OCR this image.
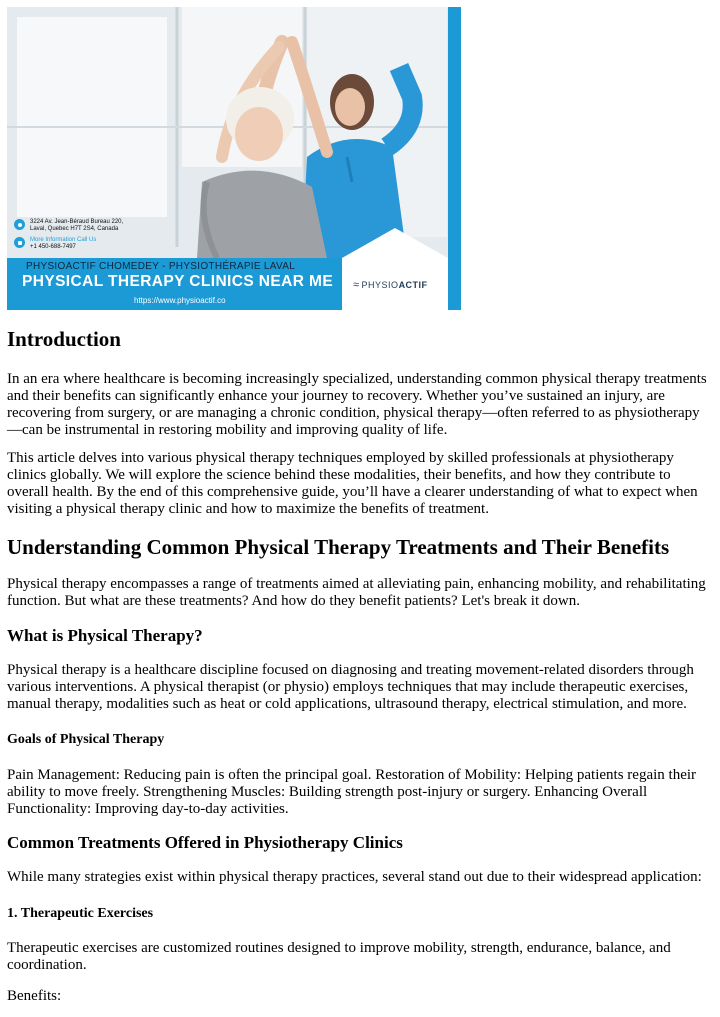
3224 Av. Jean-Béraud Bureau 220,
Laval, Quebec H7T 2S4, Canada
More Information Call Us
+1 450-688-7497
PHYSIOACTIF CHOMEDEY - PHYSIOTHÉRAPIE LAVAL
PHYSICAL THERAPY CLINICS NEAR ME
https://www.physioactif.co
≈ PHYSIO ACTIF
Introduction

In an era where healthcare is becoming increasingly specialized, understanding common physical therapy treatments and their benefits can significantly enhance your journey to recovery. Whether you’ve sustained an injury, are recovering from surgery, or are managing a chronic condition, physical therapy—often referred to as physiotherapy—can be instrumental in restoring mobility and improving quality of life.

This article delves into various physical therapy techniques employed by skilled professionals at physiotherapy clinics globally. We will explore the science behind these modalities, their benefits, and how they contribute to overall health. By the end of this comprehensive guide, you’ll have a clearer understanding of what to expect when visiting a physical therapy clinic and how to maximize the benefits of treatment.

Understanding Common Physical Therapy Treatments and Their Benefits

Physical therapy encompasses a range of treatments aimed at alleviating pain, enhancing mobility, and rehabilitating function. But what are these treatments? And how do they benefit patients? Let's break it down.

What is Physical Therapy?

Physical therapy is a healthcare discipline focused on diagnosing and treating movement-related disorders through various interventions. A physical therapist (or physio) employs techniques that may include therapeutic exercises, manual therapy, modalities such as heat or cold applications, ultrasound therapy, electrical stimulation, and more.

Goals of Physical Therapy

Pain Management: Reducing pain is often the principal goal. Restoration of Mobility: Helping patients regain their ability to move freely. Strengthening Muscles: Building strength post-injury or surgery. Enhancing Overall Functionality: Improving day-to-day activities.

Common Treatments Offered in Physiotherapy Clinics

While many strategies exist within physical therapy practices, several stand out due to their widespread application:

1. Therapeutic Exercises

Therapeutic exercises are customized routines designed to improve mobility, strength, endurance, balance, and coordination.

Benefits:
